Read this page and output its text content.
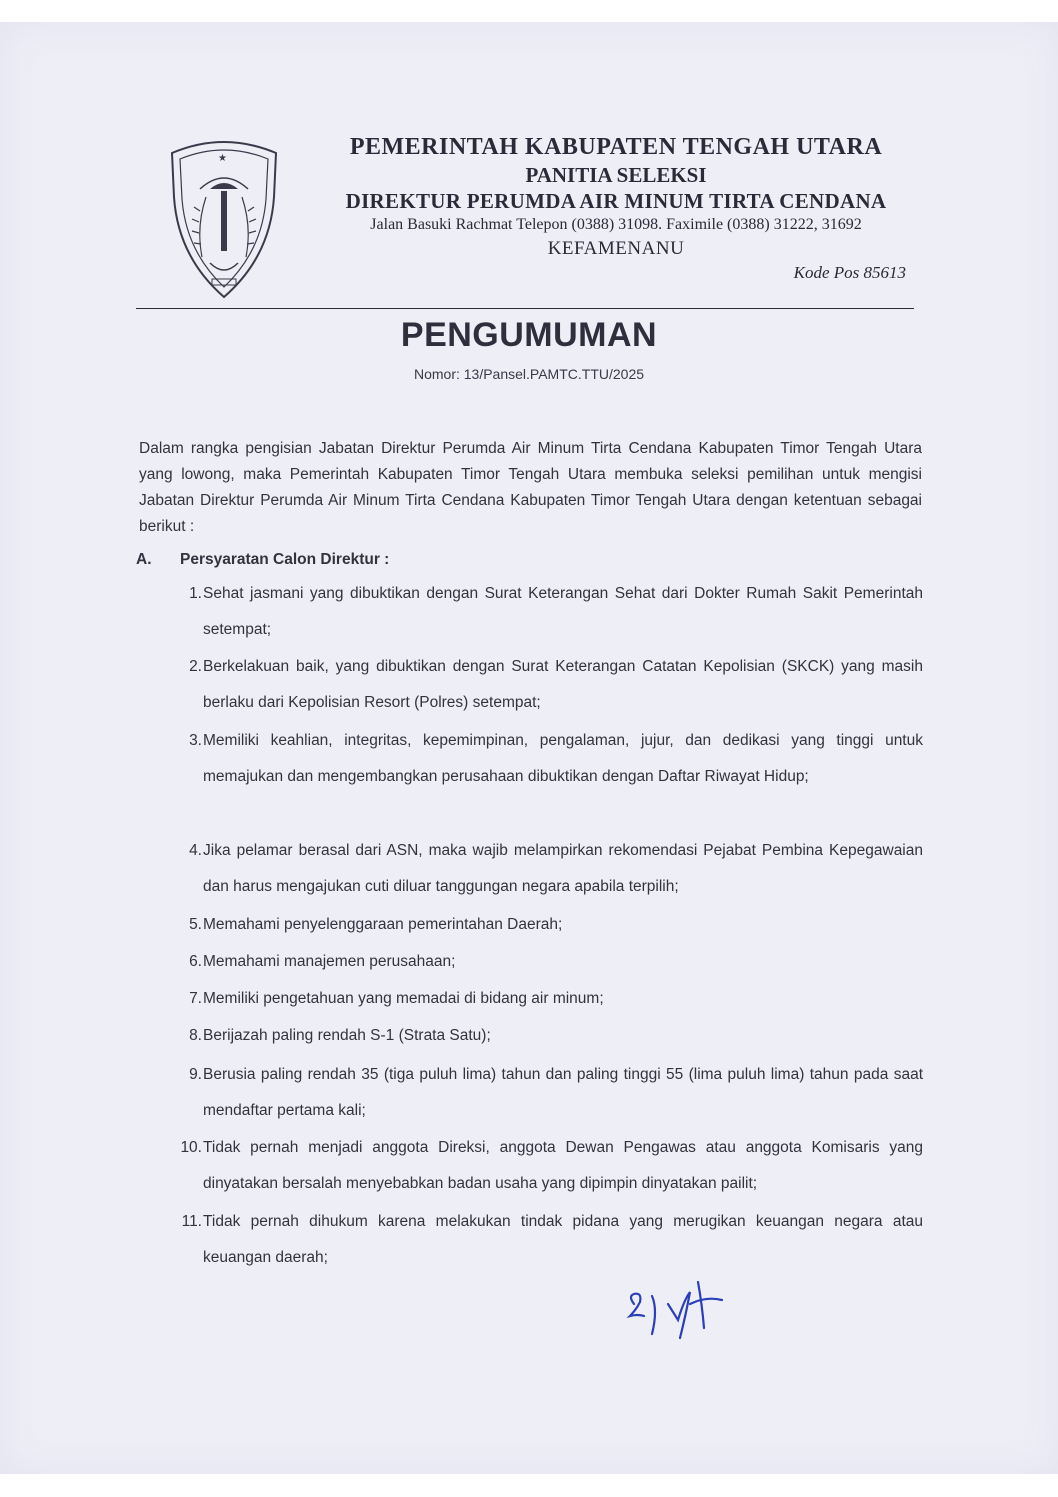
★	PEMERINTAH KABUPATEN TENGAH UTARA
PANITIA SELEKSI
DIREKTUR PERUMDA AIR MINUM TIRTA CENDANA
Jalan Basuki Rachmat Telepon (0388) 31098. Faximile (0388) 31222, 31692
KEFAMENANU
Kode Pos 85613
PENGUMUMAN
Nomor: 13/Pansel.PAMTC.TTU/2025
Dalam rangka pengisian Jabatan Direktur Perumda Air Minum Tirta Cendana Kabupaten Timor Tengah Utara yang lowong, maka Pemerintah Kabupaten Timor Tengah Utara membuka seleksi pemilihan untuk mengisi Jabatan Direktur Perumda Air Minum Tirta Cendana Kabupaten Timor Tengah Utara dengan ketentuan sebagai berikut :
A. Persyaratan Calon Direktur :
1. Sehat jasmani yang dibuktikan dengan Surat Keterangan Sehat dari Dokter Rumah Sakit Pemerintah setempat;
2. Berkelakuan baik, yang dibuktikan dengan Surat Keterangan Catatan Kepolisian (SKCK) yang masih berlaku dari Kepolisian Resort (Polres) setempat;
3. Memiliki keahlian, integritas, kepemimpinan, pengalaman, jujur, dan dedikasi yang tinggi untuk memajukan dan mengembangkan perusahaan dibuktikan dengan Daftar Riwayat Hidup;
4. Jika pelamar berasal dari ASN, maka wajib melampirkan rekomendasi Pejabat Pembina Kepegawaian dan harus mengajukan cuti diluar tanggungan negara apabila terpilih;
5. Memahami penyelenggaraan pemerintahan Daerah;
6. Memahami manajemen perusahaan;
7. Memiliki pengetahuan yang memadai di bidang air minum;
8. Berijazah paling rendah S-1 (Strata Satu);
9. Berusia paling rendah 35 (tiga puluh lima) tahun dan paling tinggi 55 (lima puluh lima) tahun pada saat mendaftar pertama kali;
10. Tidak pernah menjadi anggota Direksi, anggota Dewan Pengawas atau anggota Komisaris yang dinyatakan bersalah menyebabkan badan usaha yang dipimpin dinyatakan pailit;
11. Tidak pernah dihukum karena melakukan tindak pidana yang merugikan keuangan negara atau keuangan daerah;
